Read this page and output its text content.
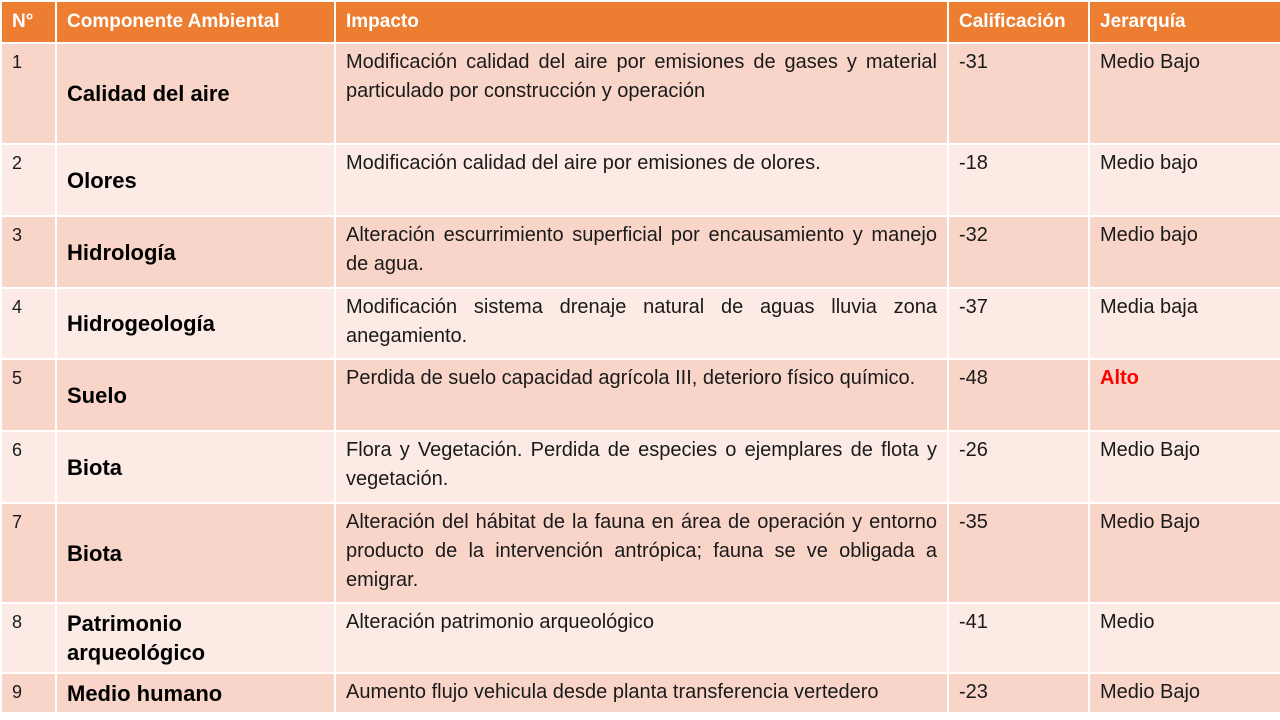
N°	Componente Ambiental	Impacto	Calificación	Jerarquía
1	Calidad del aire	Modificación calidad del aire por emisiones de gases y material particulado por construcción y operación	-31	Medio Bajo
2	Olores	Modificación calidad del aire por emisiones de olores.	-18	Medio bajo
3	Hidrología	Alteración escurrimiento superficial por encausamiento y manejo de agua.	-32	Medio bajo
4	Hidrogeología	Modificación sistema drenaje natural de aguas lluvia zona anegamiento.	-37	Media baja
5	Suelo	Perdida de suelo capacidad agrícola III, deterioro físico químico.	-48	Alto
6	Biota	Flora y Vegetación. Perdida de especies o ejemplares de flota y vegetación.	-26	Medio Bajo
7	Biota	Alteración del hábitat de la fauna en área de operación y entorno producto de la intervención antrópica; fauna se ve obligada a emigrar.	-35	Medio Bajo
8	Patrimonio arqueológico	Alteración patrimonio arqueológico	-41	Medio
9	Medio humano	Aumento flujo vehicula desde planta transferencia vertedero	-23	Medio Bajo
